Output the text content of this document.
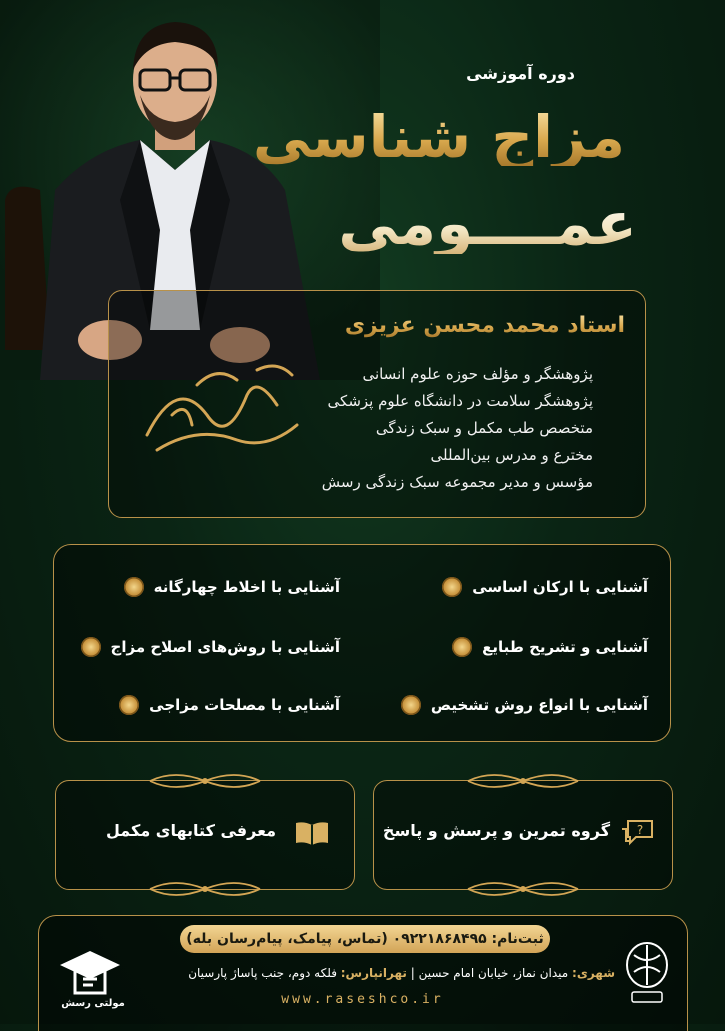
دوره آموزشی
مزاج شناسی
عمــــومی
استاد محمد محسن عزیزی
پژوهشگر و مؤلف حوزه علوم انسانی
پژوهشگر سلامت در دانشگاه علوم پزشکی
متخصص طب مکمل و سبک زندگی
مخترع و مدرس بین‌المللی
مؤسس و مدیر مجموعه سبک زندگی رسش
آشنایی با ارکان اساسی
آشنایی و تشریح طبایع
آشنایی با انواع روش تشخیص
آشنایی با اخلاط چهارگانه
آشنایی با روش‌های اصلاح مزاج
آشنایی با مصلحات مزاجی
گروه تمرین و پرسش و پاسخ ?
معرفی کتابهای مکمل
ثبت‌نام: ۰۹۲۲۱۸۶۸۴۹۵ (تماس، پیامک، پیام‌رسان بله)
شهری: میدان نماز، خیابان امام حسین | تهرانپارس: فلکه دوم، جنب پاساژ پارسیان
www.raseshco.ir
مولتی رسش
